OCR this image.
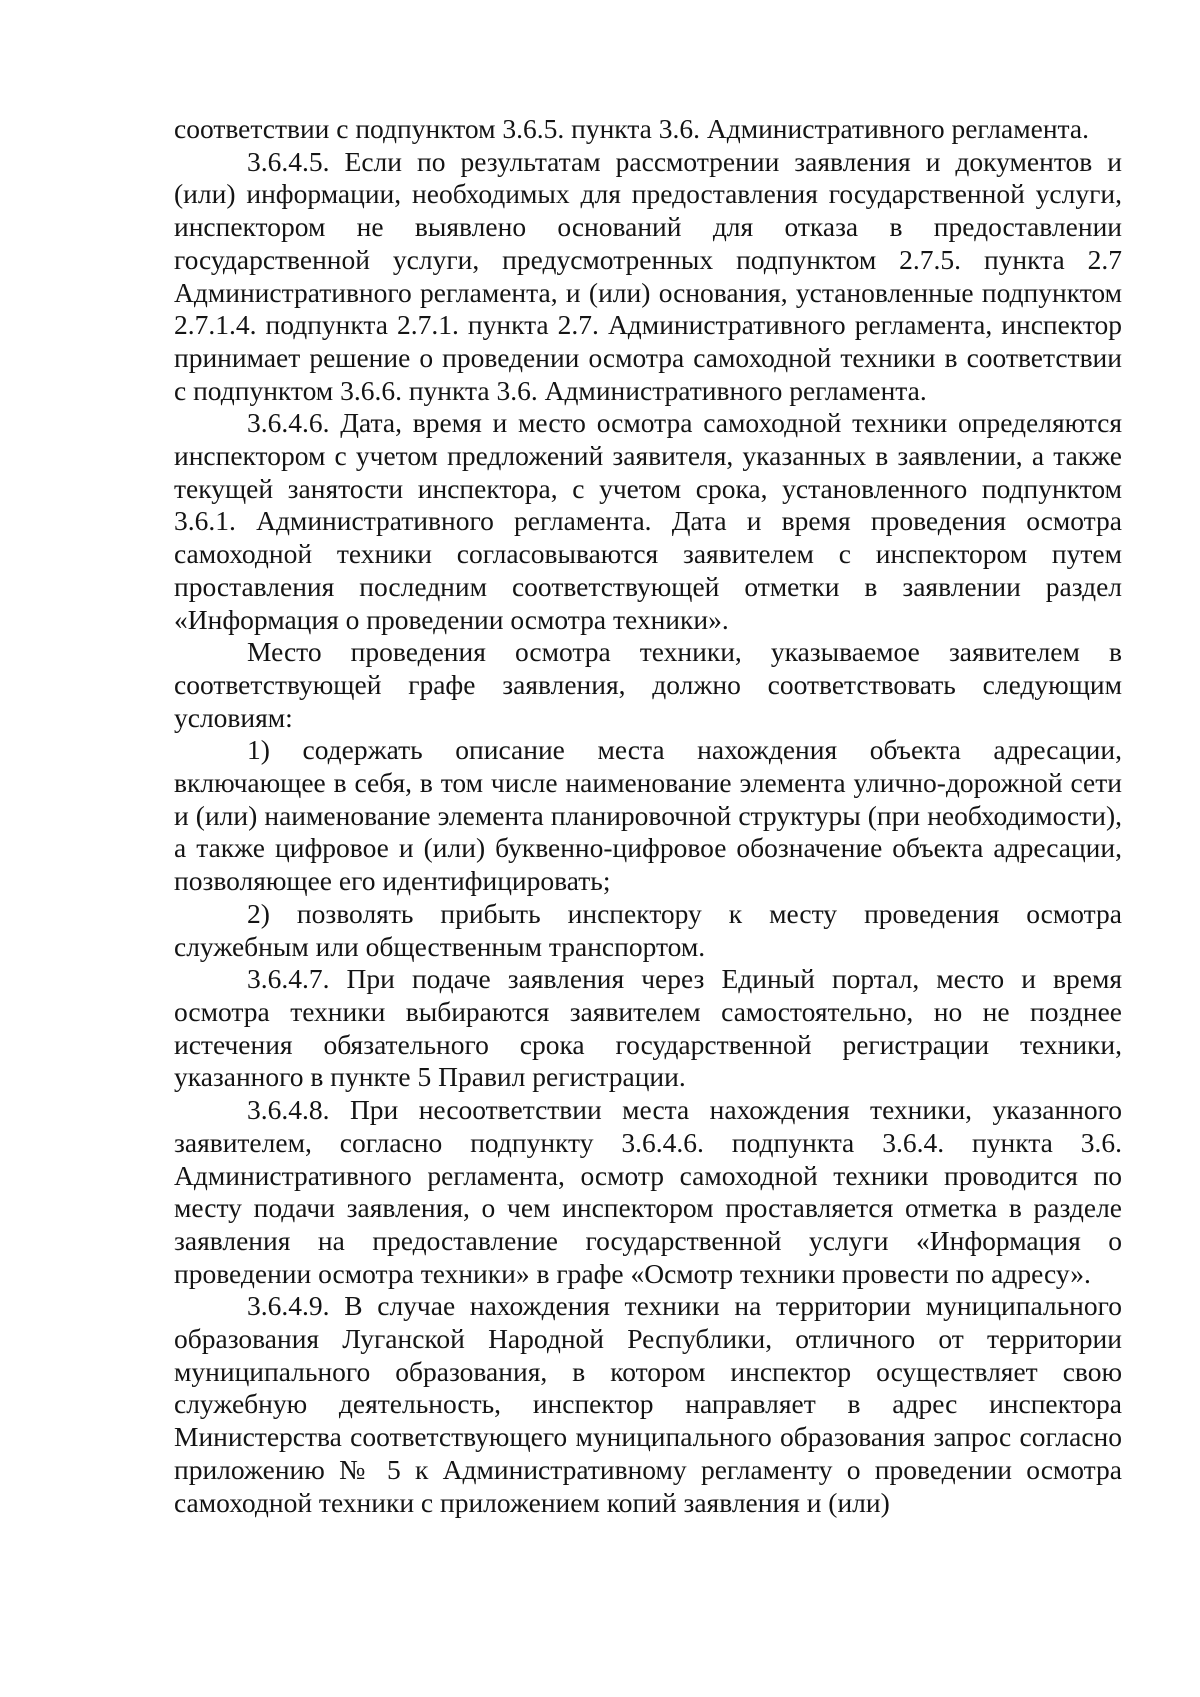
соответствии с подпунктом 3.6.5. пункта 3.6. Административного регламента.

3.6.4.5. Если по результатам рассмотрении заявления и документов и (или) информации, необходимых для предоставления государственной услуги, инспектором не выявлено оснований для отказа в предоставлении государственной услуги, предусмотренных подпунктом 2.7.5. пункта 2.7 Административного регламента, и (или) основания, установленные подпунктом 2.7.1.4. подпункта 2.7.1. пункта 2.7. Административного регламента, инспектор принимает решение о проведении осмотра самоходной техники в соответствии с подпунктом 3.6.6. пункта 3.6. Административного регламента.

3.6.4.6. Дата, время и место осмотра самоходной техники определяются инспектором с учетом предложений заявителя, указанных в заявлении, а также текущей занятости инспектора, с учетом срока, установленного подпунктом 3.6.1. Административного регламента. Дата и время проведения осмотра самоходной техники согласовываются заявителем с инспектором путем проставления последним соответствующей отметки в заявлении раздел «Информация о проведении осмотра техники».

Место проведения осмотра техники, указываемое заявителем в соответствующей графе заявления, должно соответствовать следующим условиям:

1) содержать описание места нахождения объекта адресации, включающее в себя, в том числе наименование элемента улично-дорожной сети и (или) наименование элемента планировочной структуры (при необходимости), а также цифровое и (или) буквенно-цифровое обозначение объекта адресации, позволяющее его идентифицировать;

2) позволять прибыть инспектору к месту проведения осмотра служебным или общественным транспортом.

3.6.4.7. При подаче заявления через Единый портал, место и время осмотра техники выбираются заявителем самостоятельно, но не позднее истечения обязательного срока государственной регистрации техники, указанного в пункте 5 Правил регистрации.

3.6.4.8. При несоответствии места нахождения техники, указанного заявителем, согласно подпункту 3.6.4.6. подпункта 3.6.4. пункта 3.6. Административного регламента, осмотр самоходной техники проводится по месту подачи заявления, о чем инспектором проставляется отметка в разделе заявления на предоставление государственной услуги «Информация о проведении осмотра техники» в графе «Осмотр техники провести по адресу».

3.6.4.9. В случае нахождения техники на территории муниципального образования Луганской Народной Республики, отличного от территории муниципального образования, в котором инспектор осуществляет свою служебную деятельность, инспектор направляет в адрес инспектора Министерства соответствующего муниципального образования запрос согласно приложению № 5 к Административному регламенту о проведении осмотра самоходной техники с приложением копий заявления и (или)
